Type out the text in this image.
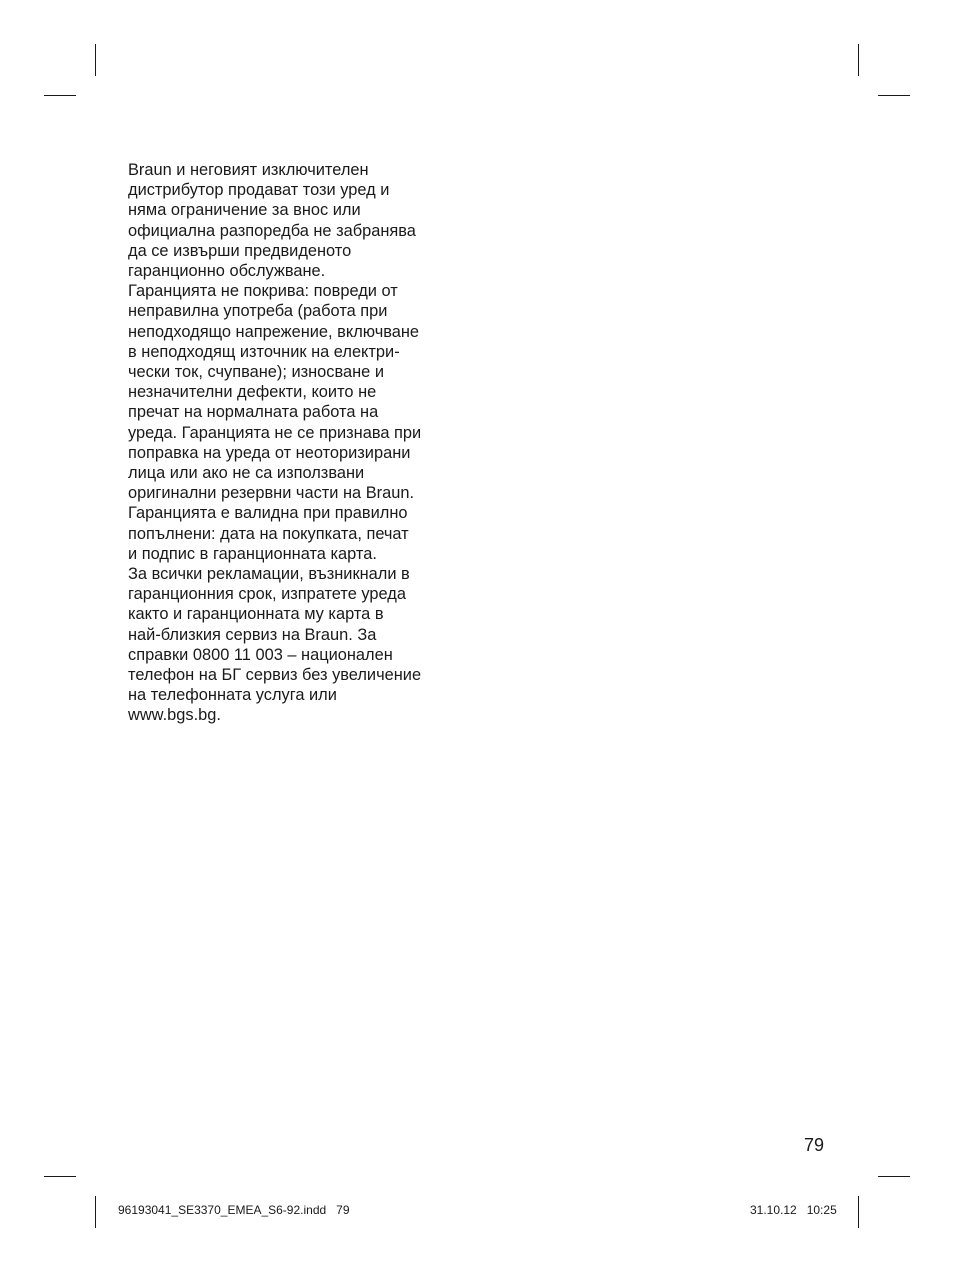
Braun и неговият изключителен
дистрибутор продават този уред и
няма ограничение за внос или
официална разпоредба не забранява
да се извърши предвиденото
гаранционно обслужване.
Гаранцията не покрива: повреди от
неправилна употреба (работа при
неподходящо напрежение, включване
в неподходящ източник на електри-
чески ток, счупване); износване и
незначителни дефекти, които не
пречат на нормалната работа на
уреда. Гаранцията не се признава при
поправка на уреда от неоторизирани
лица или ако не са използвани
оригинални резервни части на Braun.
Гаранцията е валидна при правилно
попълнени: дата на покупката, печат
и подпис в гаранционната карта.
За всички рекламации, възникнали в
гаранционния срок, изпратете уреда
както и гаранционната му карта в
най-близкия сервиз на Braun. За
справки 0800 11 003 – национален
телефон на БГ сервиз без увеличение
на телефонната услуга или
www.bgs.bg.
79
96193041_SE3370_EMEA_S6-92.indd   79	31.10.12   10:25
